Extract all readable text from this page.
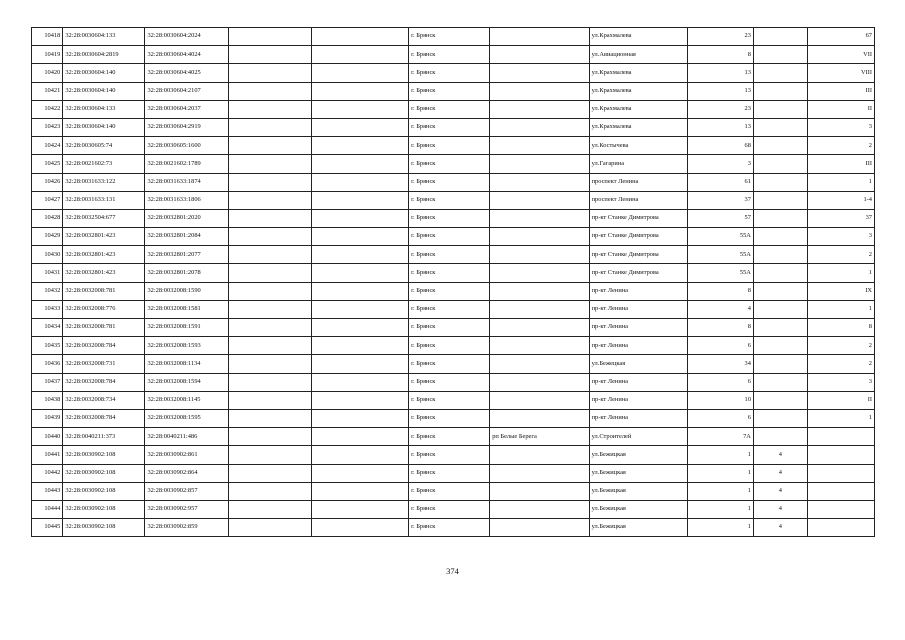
10418	32:28:0030604:133	32:28:0030604:2024			г. Брянск		ул.Крахмалева	23		67
10419	32:28:0030604:2819	32:28:0030604:4024			г. Брянск		ул.Авиационная	8		VII
10420	32:28:0030604:140	32:28:0030604:4025			г. Брянск		ул.Крахмалева	13		VIII
10421	32:28:0030604:140	32:28:0030604:2107			г. Брянск		ул.Крахмалева	13		III
10422	32:28:0030604:133	32:28:0030604:2037			г. Брянск		ул.Крахмалева	23		II
10423	32:28:0030604:140	32:28:0030604:2919			г. Брянск		ул.Крахмалева	13		3
10424	32:28:0030605:74	32:28:0030605:1600			г. Брянск		ул.Костычева	68		2
10425	32:28:0021602:73	32:28:0021602:1789			г. Брянск		ул.Гагарина	3		III
10426	32:28:0031633:122	32:28:0031633:1874			г. Брянск		проспект Ленина	61		1
10427	32:28:0031633:131	32:28:0031633:1806			г. Брянск		проспект Ленина	37		1-4
10428	32:28:0032504:677	32:28:0032801:2020			г. Брянск		пр-кт Станке Димитрова	57		37
10429	32:28:0032801:423	32:28:0032801:2084			г. Брянск		пр-кт Станке Димитрова	55А		3
10430	32:28:0032801:423	32:28:0032801:2077			г. Брянск		пр-кт Станке Димитрова	55А		2
10431	32:28:0032801:423	32:28:0032801:2078			г. Брянск		пр-кт Станке Димитрова	55А		1
10432	32:28:0032008:781	32:28:0032008:1590			г. Брянск		пр-кт Ленина	8		IX
10433	32:28:0032008:776	32:28:0032008:1581			г. Брянск		пр-кт Ленина	4		1
10434	32:28:0032008:781	32:28:0032008:1591			г. Брянск		пр-кт Ленина	8		8
10435	32:28:0032008:784	32:28:0032008:1593			г. Брянск		пр-кт Ленина	6		2
10436	32:28:0032008:731	32:28:0032008:1134			г. Брянск		ул.Бежецкая	34		2
10437	32:28:0032008:784	32:28:0032008:1594			г. Брянск		пр-кт Ленина	6		3
10438	32:28:0032008:734	32:28:0032008:1145			г. Брянск		пр-кт Ленина	10		II
10439	32:28:0032008:784	32:28:0032008:1595			г. Брянск		пр-кт Ленина	6		1
10440	32:28:0040211:373	32:28:0040211:486			г. Брянск	рп Белые Берега	ул.Строителей	7А		
10441	32:28:0030902:108	32:28:0030902:861			г. Брянск		ул.Бежицкая	1	4	
10442	32:28:0030902:108	32:28:0030902:864			г. Брянск		ул.Бежицкая	1	4	
10443	32:28:0030902:108	32:28:0030902:857			г. Брянск		ул.Бежицкая	1	4	
10444	32:28:0030902:108	32:28:0030902:957			г. Брянск		ул.Бежицкая	1	4	
10445	32:28:0030902:108	32:28:0030902:859			г. Брянск		ул.Бежицкая	1	4	
374
